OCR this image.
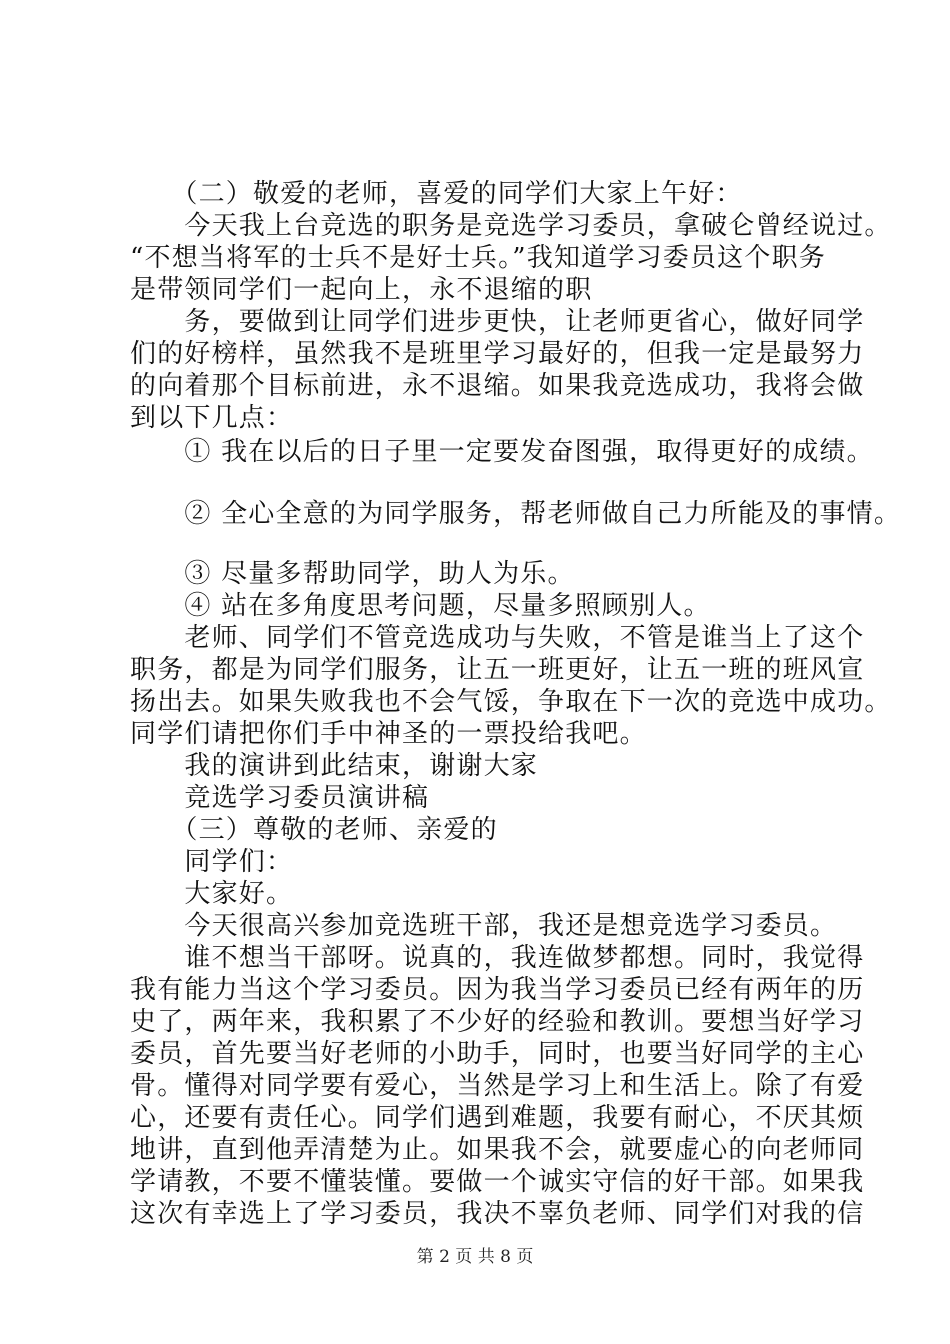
　　（二）敬爱的老师，喜爱的同学们大家上午好：
　　今天我上台竞选的职务是竞选学习委员，拿破仑曾经说过。
“不想当将军的士兵不是好士兵。”我知道学习委员这个职务
是带领同学们一起向上，永不退缩的职
　　务，要做到让同学们进步更快，让老师更省心，做好同学
们的好榜样，虽然我不是班里学习最好的，但我一定是最努力
的向着那个目标前进，永不退缩。如果我竞选成功，我将会做
到以下几点：
　　① 我在以后的日子里一定要发奋图强，取得更好的成绩。
　　② 全心全意的为同学服务，帮老师做自己力所能及的事情。
　　③ 尽量多帮助同学，助人为乐。
　　④ 站在多角度思考问题，尽量多照顾别人。
　　老师、同学们不管竞选成功与失败，不管是谁当上了这个
职务，都是为同学们服务，让五一班更好，让五一班的班风宣
扬出去。如果失败我也不会气馁，争取在下一次的竞选中成功。
同学们请把你们手中神圣的一票投给我吧。
　　我的演讲到此结束，谢谢大家
　　竞选学习委员演讲稿
　　（三）尊敬的老师、亲爱的
　　同学们：
　　大家好。
　　今天很高兴参加竞选班干部，我还是想竞选学习委员。
　　谁不想当干部呀。说真的，我连做梦都想。同时，我觉得
我有能力当这个学习委员。因为我当学习委员已经有两年的历
史了，两年来，我积累了不少好的经验和教训。要想当好学习
委员，首先要当好老师的小助手，同时，也要当好同学的主心
骨。懂得对同学要有爱心，当然是学习上和生活上。除了有爱
心，还要有责任心。同学们遇到难题，我要有耐心，不厌其烦
地讲，直到他弄清楚为止。如果我不会，就要虚心的向老师同
学请教，不要不懂装懂。要做一个诚实守信的好干部。如果我
这次有幸选上了学习委员，我决不辜负老师、同学们对我的信
第 2 页 共 8 页
